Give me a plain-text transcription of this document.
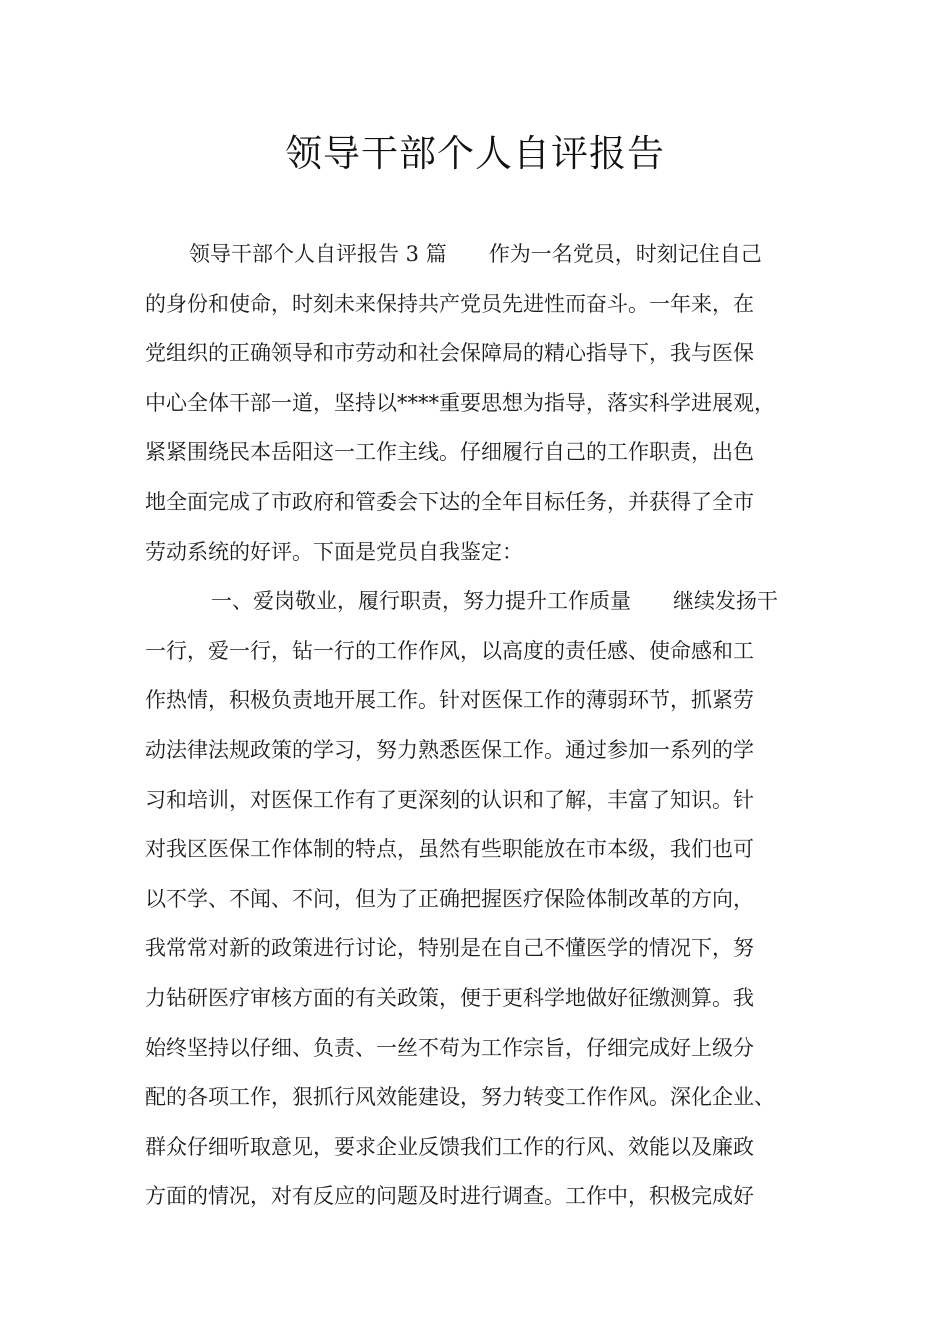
领导干部个人自评报告
领导干部个人自评报告 3 篇　　作为一名党员，时刻记住自己
的身份和使命，时刻未来保持共产党员先进性而奋斗。一年来，在
党组织的正确领导和市劳动和社会保障局的精心指导下，我与医保
中心全体干部一道，坚持以****重要思想为指导，落实科学进展观，
紧紧围绕民本岳阳这一工作主线。仔细履行自己的工作职责，出色
地全面完成了市政府和管委会下达的全年目标任务，并获得了全市
劳动系统的好评。下面是党员自我鉴定：
一、爱岗敬业，履行职责，努力提升工作质量　　继续发扬干
一行，爱一行，钻一行的工作作风，以高度的责任感、使命感和工
作热情，积极负责地开展工作。针对医保工作的薄弱环节，抓紧劳
动法律法规政策的学习，努力熟悉医保工作。通过参加一系列的学
习和培训，对医保工作有了更深刻的认识和了解，丰富了知识。针
对我区医保工作体制的特点，虽然有些职能放在市本级，我们也可
以不学、不闻、不问，但为了正确把握医疗保险体制改革的方向，
我常常对新的政策进行讨论，特别是在自己不懂医学的情况下，努
力钻研医疗审核方面的有关政策，便于更科学地做好征缴测算。我
始终坚持以仔细、负责、一丝不苟为工作宗旨，仔细完成好上级分
配的各项工作，狠抓行风效能建设，努力转变工作作风。深化企业、
群众仔细听取意见，要求企业反馈我们工作的行风、效能以及廉政
方面的情况，对有反应的问题及时进行调查。工作中，积极完成好
